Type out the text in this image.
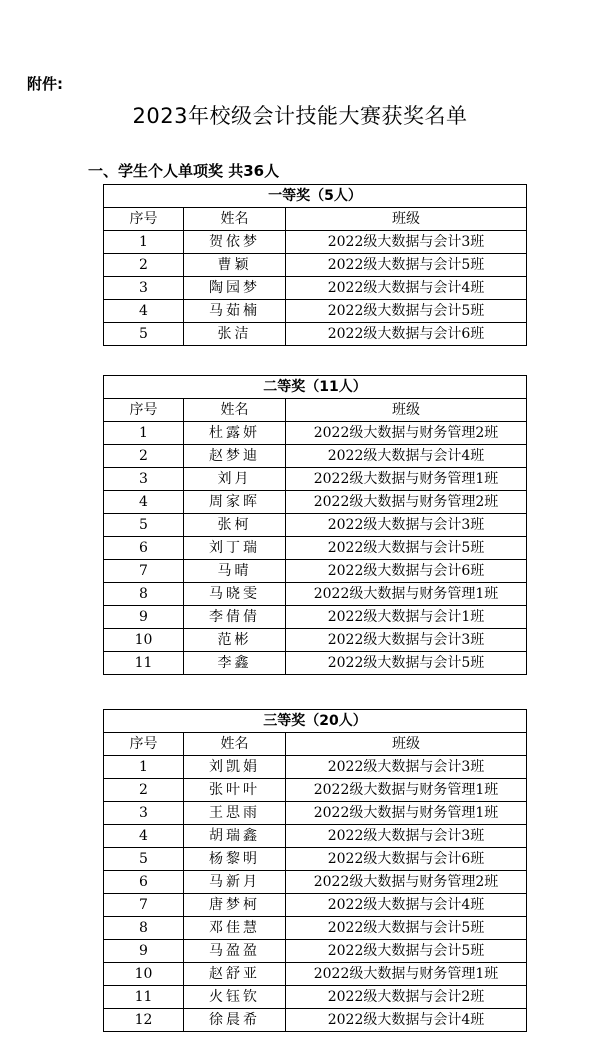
附件:
2023年校级会计技能大赛获奖名单
一、学生个人单项奖 共36人
一等奖（5人）		
序号	姓名	班级
1	贺依梦	2022级大数据与会计3班
2	曹颖	2022级大数据与会计5班
3	陶园梦	2022级大数据与会计4班
4	马茹楠	2022级大数据与会计5班
5	张洁	2022级大数据与会计6班
二等奖（11人）		
序号	姓名	班级
1	杜露妍	2022级大数据与财务管理2班
2	赵梦迪	2022级大数据与会计4班
3	刘月	2022级大数据与财务管理1班
4	周家晖	2022级大数据与财务管理2班
5	张柯	2022级大数据与会计3班
6	刘丁瑞	2022级大数据与会计5班
7	马晴	2022级大数据与会计6班
8	马晓雯	2022级大数据与财务管理1班
9	李倩倩	2022级大数据与会计1班
10	范彬	2022级大数据与会计3班
11	李鑫	2022级大数据与会计5班
三等奖（20人）		
序号	姓名	班级
1	刘凯娟	2022级大数据与会计3班
2	张叶叶	2022级大数据与财务管理1班
3	王思雨	2022级大数据与财务管理1班
4	胡瑞鑫	2022级大数据与会计3班
5	杨黎明	2022级大数据与会计6班
6	马新月	2022级大数据与财务管理2班
7	唐梦柯	2022级大数据与会计4班
8	邓佳慧	2022级大数据与会计5班
9	马盈盈	2022级大数据与会计5班
10	赵舒亚	2022级大数据与财务管理1班
11	火钰钦	2022级大数据与会计2班
12	徐晨希	2022级大数据与会计4班
